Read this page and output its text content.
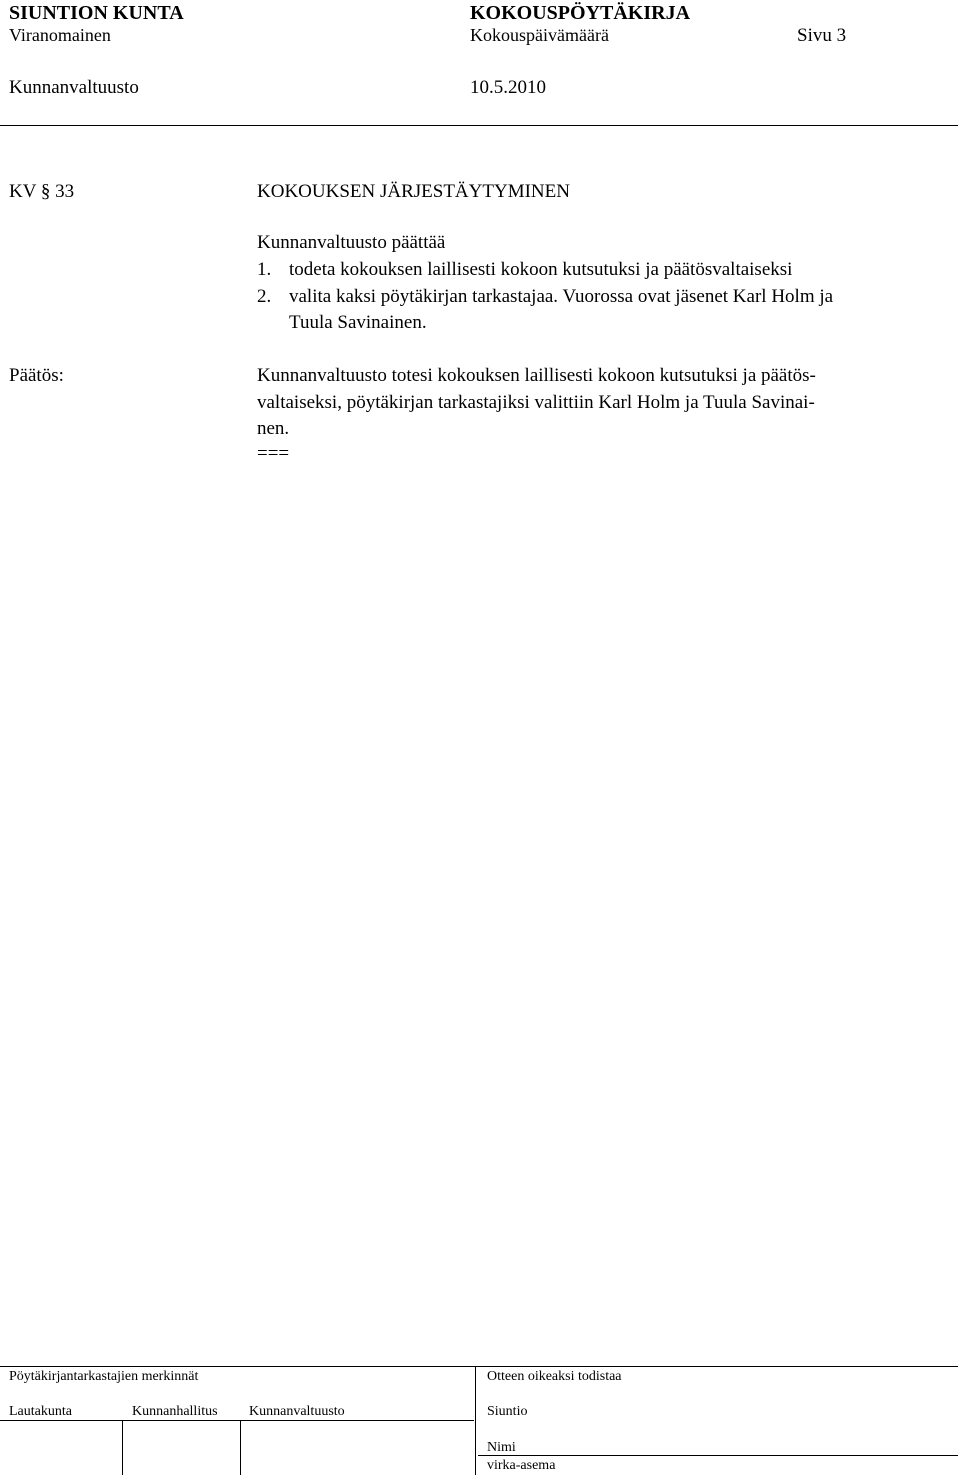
SIUNTION KUNTA	KOKOUSPÖYTÄKIRJA
Viranomainen	Kokouspäivämäärä	Sivu 3
Kunnanvaltuusto	10.5.2010
KV § 33	KOKOUKSEN JÄRJESTÄYTYMINEN
Kunnanvaltuusto päättää
1. todeta kokouksen laillisesti kokoon kutsutuksi ja päätösvaltaiseksi
2. valita kaksi pöytäkirjan tarkastajaa. Vuorossa ovat jäsenet Karl Holm ja
Tuula Savinainen.
Päätös:	Kunnanvaltuusto totesi kokouksen laillisesti kokoon kutsutuksi ja päätös-
valtaiseksi, pöytäkirjan tarkastajiksi valittiin Karl Holm ja Tuula Savinai-
nen.
===
Pöytäkirjantarkastajien merkinnät	Otteen oikeaksi todistaa
Lautakunta	Kunnanhallitus Kunnanvaltuusto	Siuntio
Nimi
virka-asema
